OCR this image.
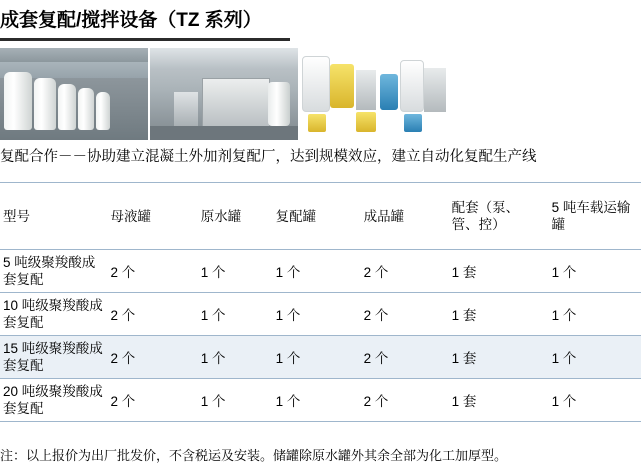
成套复配/搅拌设备（TZ 系列）
复配合作－－协助建立混凝土外加剂复配厂，达到规模效应，建立自动化复配生产线
型号	母液罐	原水罐	复配罐	成品罐	配套（泵、管、控）	5 吨车载运输罐

5 吨级聚羧酸成套复配	2 个	1 个	1 个	2 个	1 套	1 个

10 吨级聚羧酸成套复配	2 个	1 个	1 个	2 个	1 套	1 个

15 吨级聚羧酸成套复配	2 个	1 个	1 个	2 个	1 套	1 个

20 吨级聚羧酸成套复配	2 个	1 个	1 个	2 个	1 套	1 个
注：以上报价为出厂批发价，不含税运及安装。储罐除原水罐外其余全部为化工加厚型。
